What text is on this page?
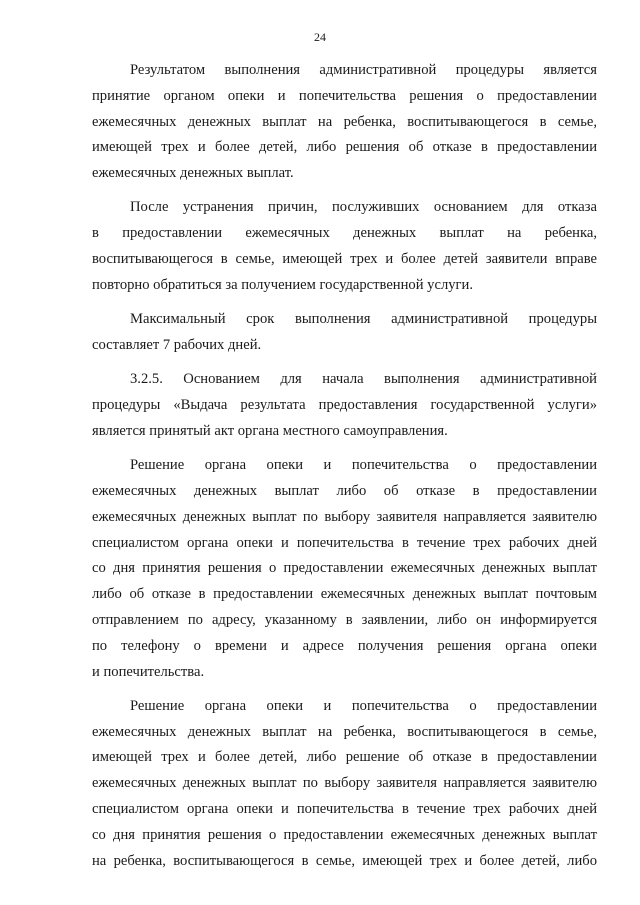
24
Результатом выполнения административной процедуры является
принятие органом опеки и попечительства решения о предоставлении
ежемесячных денежных выплат на ребенка, воспитывающегося в семье,
имеющей трех и более детей, либо решения об отказе в предоставлении
ежемесячных денежных выплат.
После устранения причин, послуживших основанием для отказа
в предоставлении ежемесячных денежных выплат на ребенка,
воспитывающегося в семье, имеющей трех и более детей заявители вправе
повторно обратиться за получением государственной услуги.
Максимальный срок выполнения административной процедуры
составляет 7 рабочих дней.
3.2.5. Основанием для начала выполнения административной
процедуры «Выдача результата предоставления государственной услуги»
является принятый акт органа местного самоуправления.
Решение органа опеки и попечительства о предоставлении
ежемесячных денежных выплат либо об отказе в предоставлении
ежемесячных денежных выплат по выбору заявителя направляется заявителю
специалистом органа опеки и попечительства в течение трех рабочих дней
со дня принятия решения о предоставлении ежемесячных денежных выплат
либо об отказе в предоставлении ежемесячных денежных выплат почтовым
отправлением по адресу, указанному в заявлении, либо он информируется
по телефону о времени и адресе получения решения органа опеки
и попечительства.
Решение органа опеки и попечительства о предоставлении
ежемесячных денежных выплат на ребенка, воспитывающегося в семье,
имеющей трех и более детей, либо решение об отказе в предоставлении
ежемесячных денежных выплат по выбору заявителя направляется заявителю
специалистом органа опеки и попечительства в течение трех рабочих дней
со дня принятия решения о предоставлении ежемесячных денежных выплат
на ребенка, воспитывающегося в семье, имеющей трех и более детей, либо
